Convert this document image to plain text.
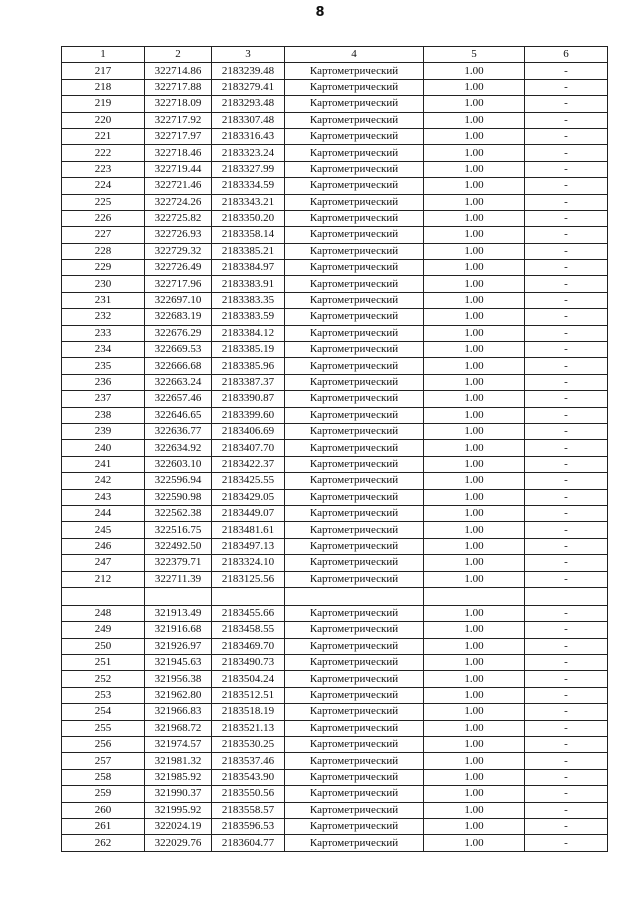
8
1	2	3	4	5	6
217	322714.86	2183239.48	Картометрический	1.00	-
218	322717.88	2183279.41	Картометрический	1.00	-
219	322718.09	2183293.48	Картометрический	1.00	-
220	322717.92	2183307.48	Картометрический	1.00	-
221	322717.97	2183316.43	Картометрический	1.00	-
222	322718.46	2183323.24	Картометрический	1.00	-
223	322719.44	2183327.99	Картометрический	1.00	-
224	322721.46	2183334.59	Картометрический	1.00	-
225	322724.26	2183343.21	Картометрический	1.00	-
226	322725.82	2183350.20	Картометрический	1.00	-
227	322726.93	2183358.14	Картометрический	1.00	-
228	322729.32	2183385.21	Картометрический	1.00	-
229	322726.49	2183384.97	Картометрический	1.00	-
230	322717.96	2183383.91	Картометрический	1.00	-
231	322697.10	2183383.35	Картометрический	1.00	-
232	322683.19	2183383.59	Картометрический	1.00	-
233	322676.29	2183384.12	Картометрический	1.00	-
234	322669.53	2183385.19	Картометрический	1.00	-
235	322666.68	2183385.96	Картометрический	1.00	-
236	322663.24	2183387.37	Картометрический	1.00	-
237	322657.46	2183390.87	Картометрический	1.00	-
238	322646.65	2183399.60	Картометрический	1.00	-
239	322636.77	2183406.69	Картометрический	1.00	-
240	322634.92	2183407.70	Картометрический	1.00	-
241	322603.10	2183422.37	Картометрический	1.00	-
242	322596.94	2183425.55	Картометрический	1.00	-
243	322590.98	2183429.05	Картометрический	1.00	-
244	322562.38	2183449.07	Картометрический	1.00	-
245	322516.75	2183481.61	Картометрический	1.00	-
246	322492.50	2183497.13	Картометрический	1.00	-
247	322379.71	2183324.10	Картометрический	1.00	-
212	322711.39	2183125.56	Картометрический	1.00	-

248	321913.49	2183455.66	Картометрический	1.00	-
249	321916.68	2183458.55	Картометрический	1.00	-
250	321926.97	2183469.70	Картометрический	1.00	-
251	321945.63	2183490.73	Картометрический	1.00	-
252	321956.38	2183504.24	Картометрический	1.00	-
253	321962.80	2183512.51	Картометрический	1.00	-
254	321966.83	2183518.19	Картометрический	1.00	-
255	321968.72	2183521.13	Картометрический	1.00	-
256	321974.57	2183530.25	Картометрический	1.00	-
257	321981.32	2183537.46	Картометрический	1.00	-
258	321985.92	2183543.90	Картометрический	1.00	-
259	321990.37	2183550.56	Картометрический	1.00	-
260	321995.92	2183558.57	Картометрический	1.00	-
261	322024.19	2183596.53	Картометрический	1.00	-
262	322029.76	2183604.77	Картометрический	1.00	-
